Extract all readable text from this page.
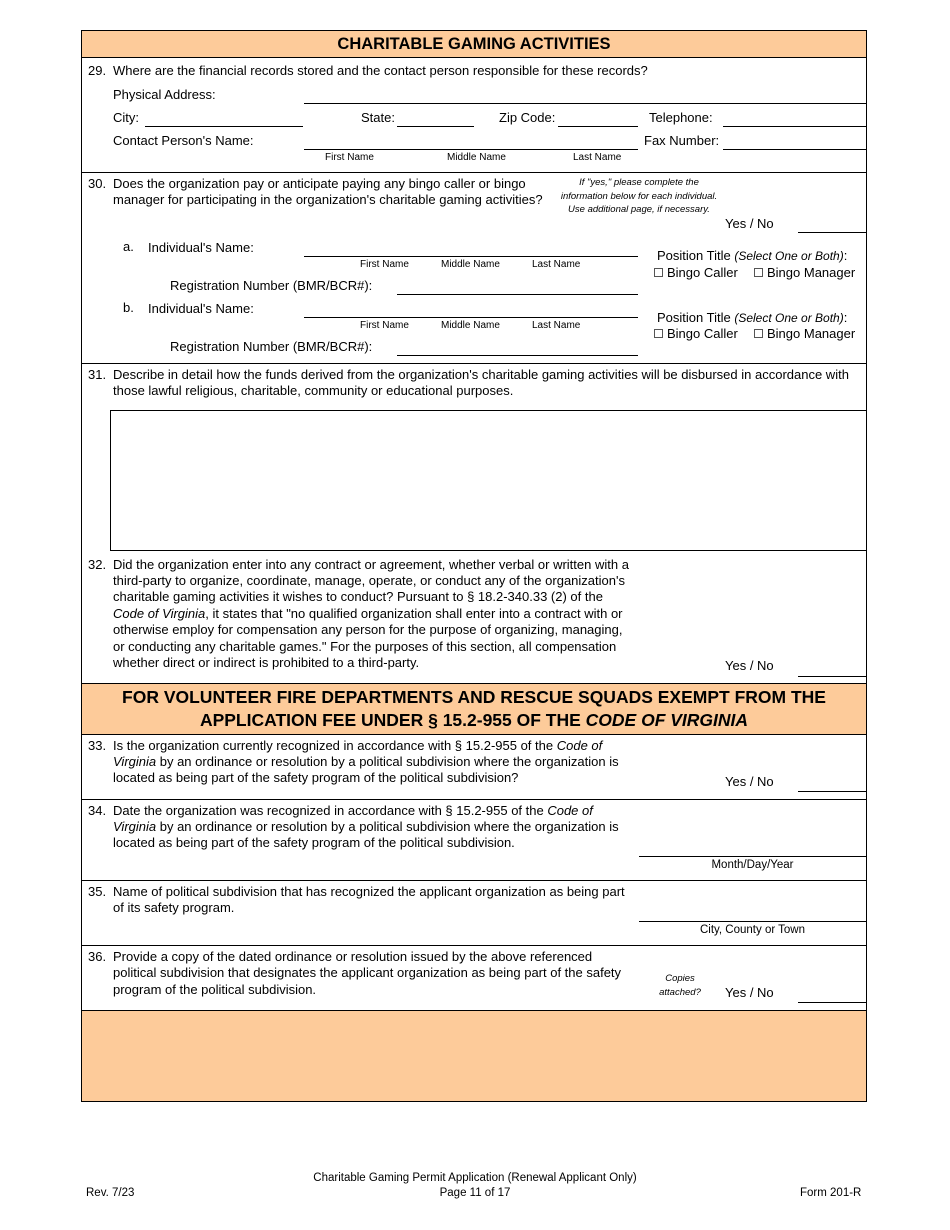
CHARITABLE GAMING ACTIVITIES
29. Where are the financial records stored and the contact person responsible for these records?
Physical Address:
City:	State:	Zip Code:	Telephone:
Contact Person's Name:	Fax Number:
First Name	Middle Name	Last Name
30. Does the organization pay or anticipate paying any bingo caller or bingo
manager for participating in the organization's charitable gaming activities?
If "yes," please complete the information below for each individual. Use additional page, if necessary.
Yes / No
a. Individual's Name:
First Name	Middle Name	Last Name
Position Title (Select One or Both):
Bingo Caller	Bingo Manager
Registration Number (BMR/BCR#):
b. Individual's Name:
First Name	Middle Name	Last Name
Position Title (Select One or Both):
Bingo Caller	Bingo Manager
Registration Number (BMR/BCR#):
31. Describe in detail how the funds derived from the organization's charitable gaming activities will be disbursed in accordance with
those lawful religious, charitable, community or educational purposes.
32. Did the organization enter into any contract or agreement, whether verbal or written with a
third-party to organize, coordinate, manage, operate, or conduct any of the organization's
charitable gaming activities it wishes to conduct? Pursuant to § 18.2-340.33 (2) of the
Code of Virginia, it states that "no qualified organization shall enter into a contract with or
otherwise employ for compensation any person for the purpose of organizing, managing,
or conducting any charitable games." For the purposes of this section, all compensation
whether direct or indirect is prohibited to a third-party.	Yes / No
FOR VOLUNTEER FIRE DEPARTMENTS AND RESCUE SQUADS EXEMPT FROM THE
APPLICATION FEE UNDER § 15.2-955 OF THE CODE OF VIRGINIA
33. Is the organization currently recognized in accordance with § 15.2-955 of the Code of
Virginia by an ordinance or resolution by a political subdivision where the organization is
located as being part of the safety program of the political subdivision?	Yes / No
34. Date the organization was recognized in accordance with § 15.2-955 of the Code of
Virginia by an ordinance or resolution by a political subdivision where the organization is
located as being part of the safety program of the political subdivision.
Month/Day/Year
35. Name of political subdivision that has recognized the applicant organization as being part
of its safety program.
City, County or Town
36. Provide a copy of the dated ordinance or resolution issued by the above referenced
political subdivision that designates the applicant organization as being part of the safety
program of the political subdivision.
Copies attached?	Yes / No
Rev. 7/23
Charitable Gaming Permit Application (Renewal Applicant Only)
Page 11 of 17	Form 201-R
